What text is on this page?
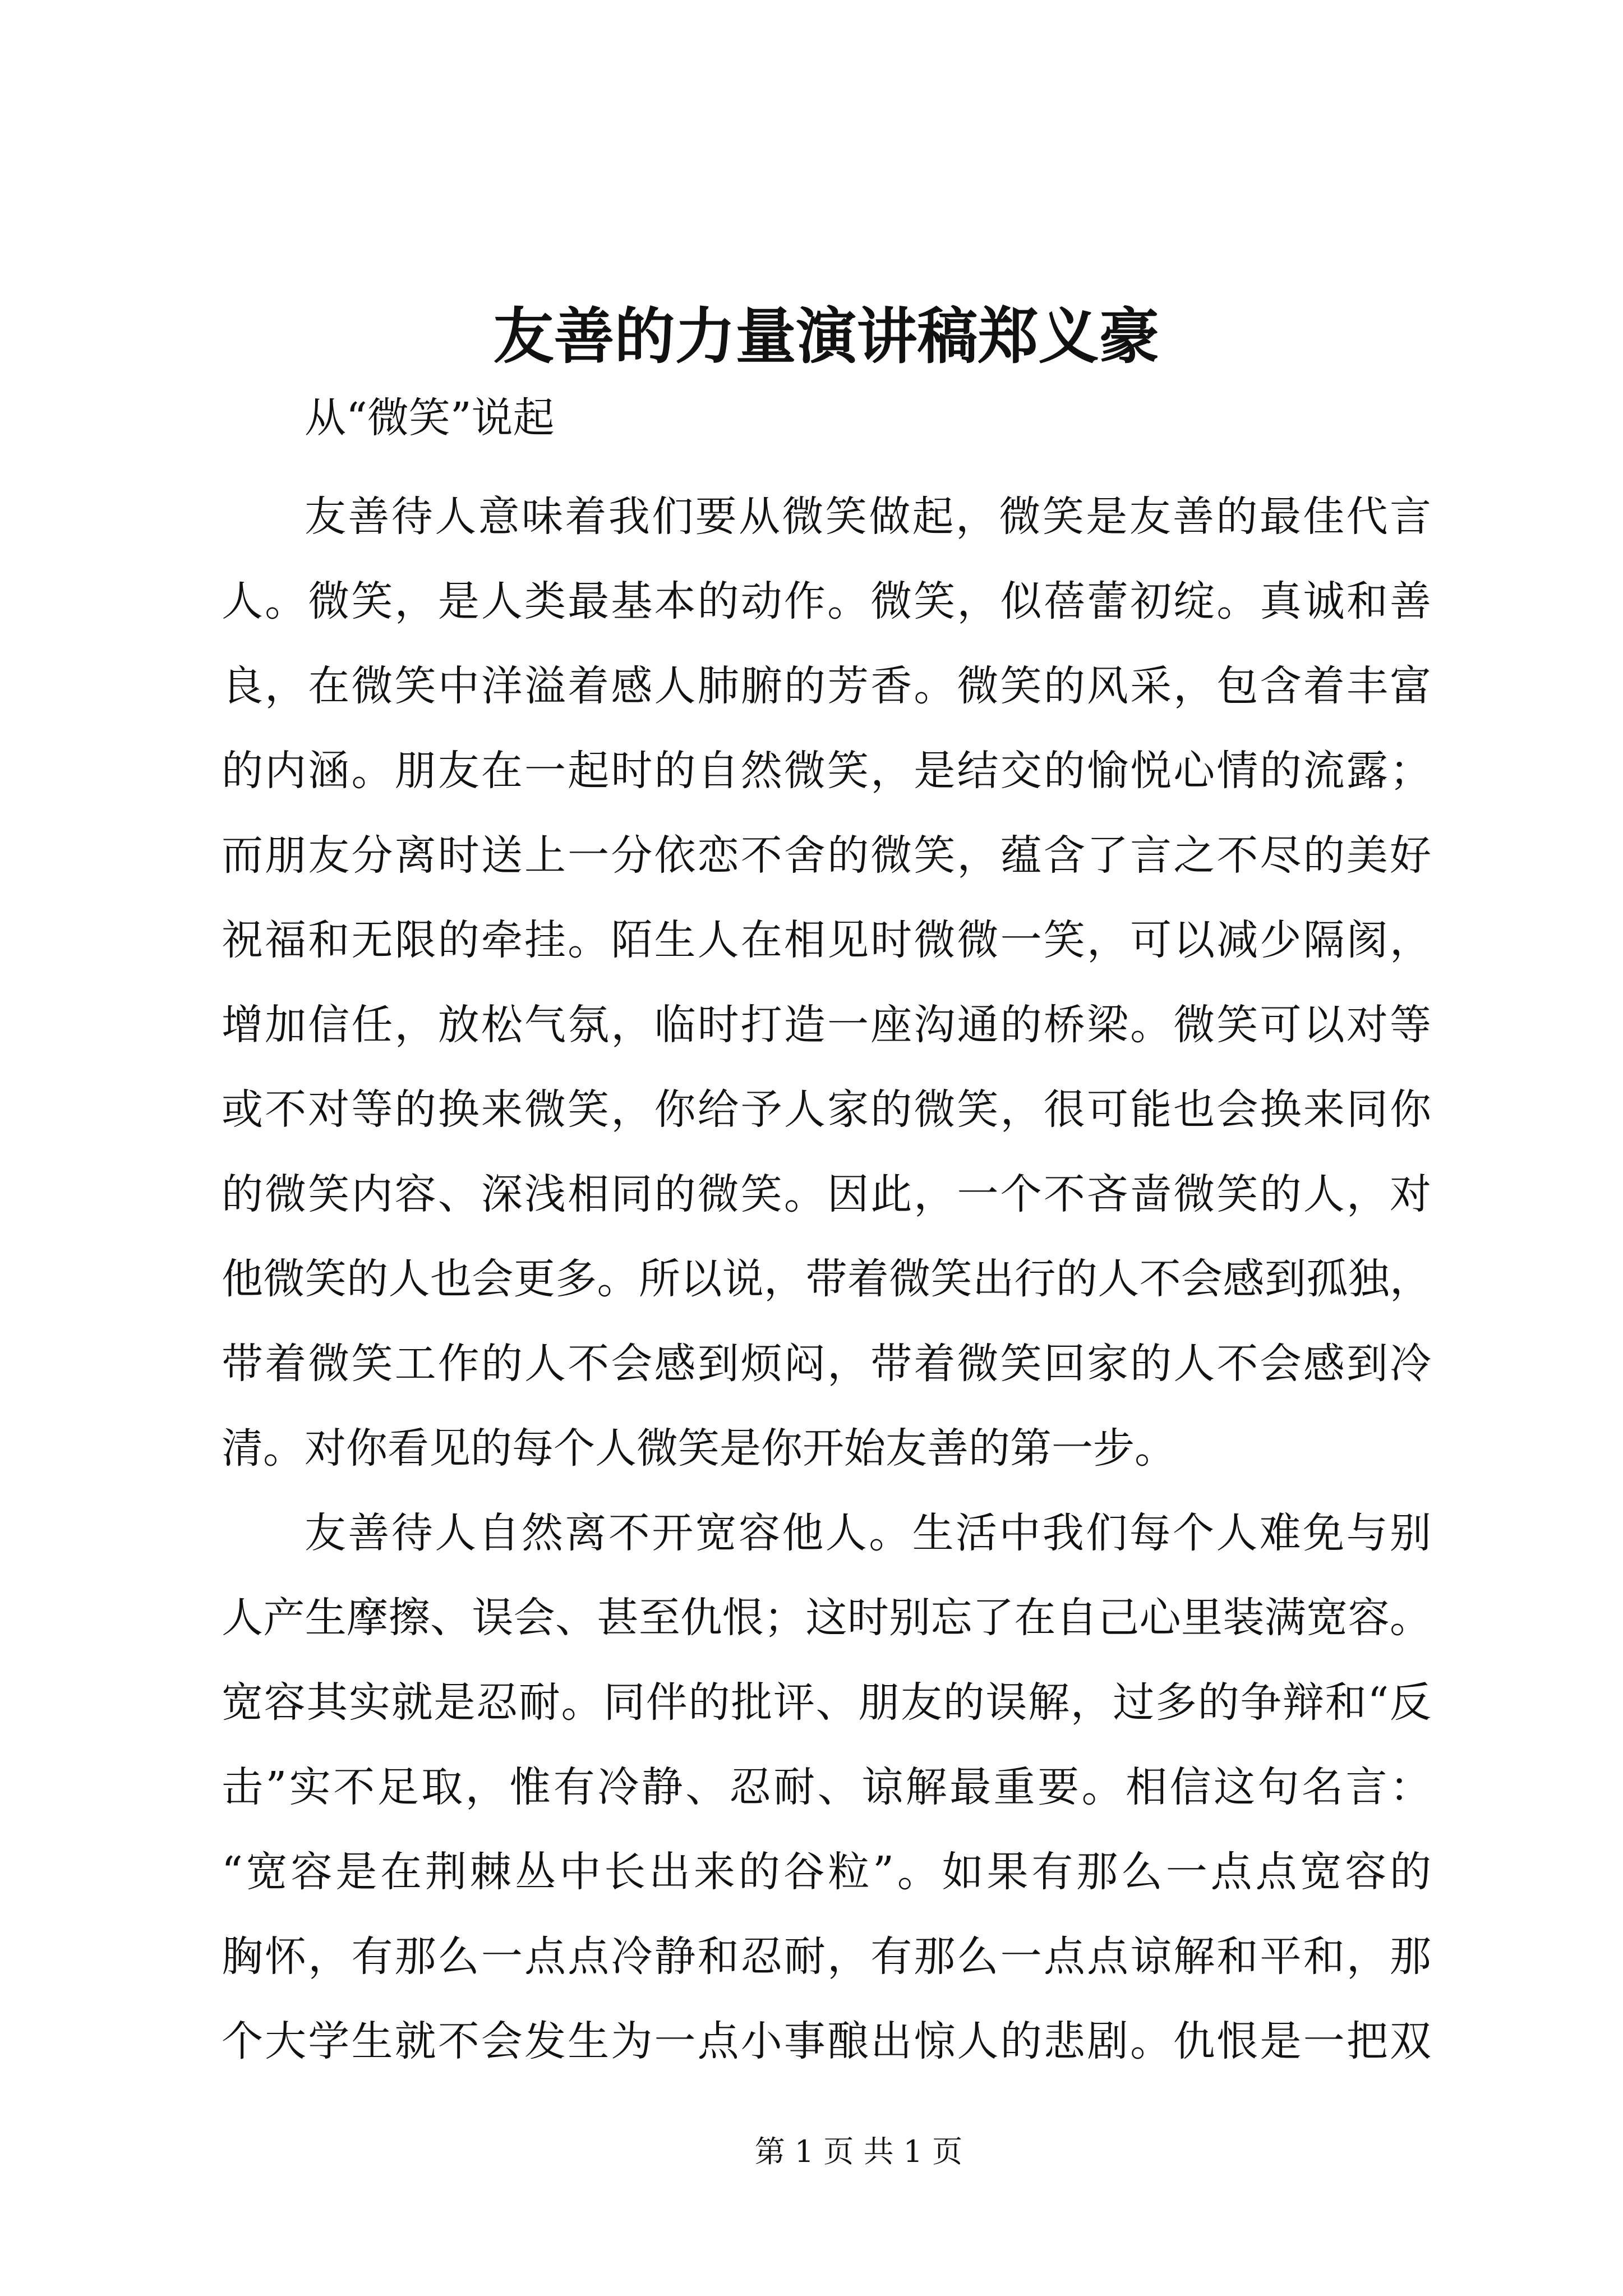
友善的力量演讲稿郑义豪
从“微笑”说起
友善待人意味着我们要从微笑做起，微笑是友善的最佳代言
人。微笑，是人类最基本的动作。微笑，似蓓蕾初绽。真诚和善
良，在微笑中洋溢着感人肺腑的芳香。微笑的风采，包含着丰富
的内涵。朋友在一起时的自然微笑，是结交的愉悦心情的流露；
而朋友分离时送上一分依恋不舍的微笑，蕴含了言之不尽的美好
祝福和无限的牵挂。陌生人在相见时微微一笑，可以减少隔阂，
增加信任，放松气氛，临时打造一座沟通的桥梁。微笑可以对等
或不对等的换来微笑，你给予人家的微笑，很可能也会换来同你
的微笑内容、深浅相同的微笑。因此，一个不吝啬微笑的人，对
他微笑的人也会更多。所以说，带着微笑出行的人不会感到孤独，
带着微笑工作的人不会感到烦闷，带着微笑回家的人不会感到冷
清。对你看见的每个人微笑是你开始友善的第一步。
友善待人自然离不开宽容他人。生活中我们每个人难免与别
人产生摩擦、误会、甚至仇恨；这时别忘了在自己心里装满宽容。
宽容其实就是忍耐。同伴的批评、朋友的误解，过多的争辩和“反
击”实不足取，惟有冷静、忍耐、谅解最重要。相信这句名言：
“宽容是在荆棘丛中长出来的谷粒”。如果有那么一点点宽容的
胸怀，有那么一点点冷静和忍耐，有那么一点点谅解和平和，那
个大学生就不会发生为一点小事酿出惊人的悲剧。仇恨是一把双
第 1 页 共 1 页
